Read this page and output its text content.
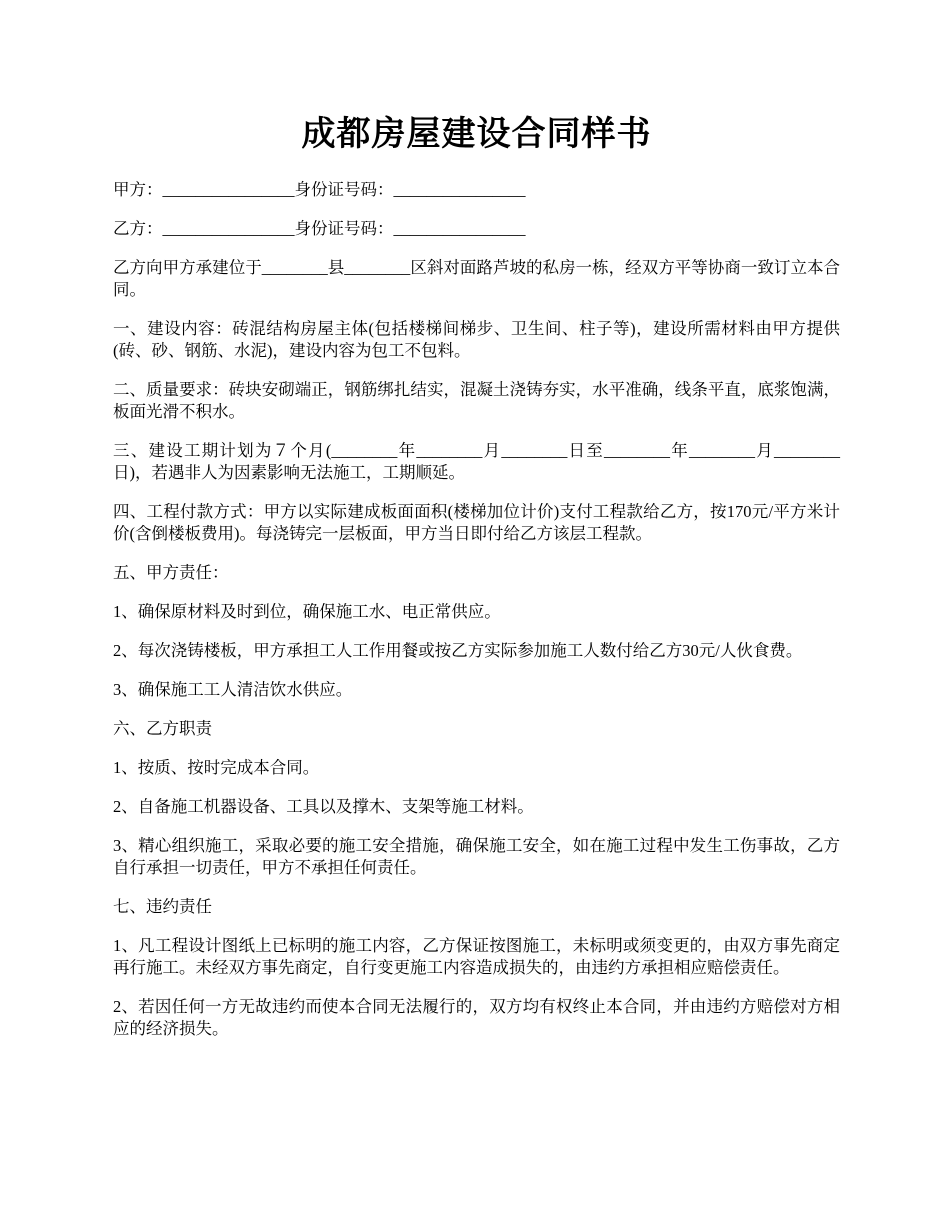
成都房屋建设合同样书

甲方：________________身份证号码：________________

乙方：________________身份证号码：________________

乙方向甲方承建位于________县________区斜对面路芦坡的私房一栋，经双方平等协商一致订立本合同。

一、建设内容：砖混结构房屋主体(包括楼梯间梯步、卫生间、柱子等)，建设所需材料由甲方提供(砖、砂、钢筋、水泥)，建设内容为包工不包料。

二、质量要求：砖块安砌端正，钢筋绑扎结实，混凝土浇铸夯实，水平准确，线条平直，底浆饱满，板面光滑不积水。

三、建设工期计划为７个月(________年________月________日至________年________月________日)，若遇非人为因素影响无法施工，工期顺延。

四、工程付款方式：甲方以实际建成板面面积(楼梯加位计价)支付工程款给乙方，按170元/平方米计价(含倒楼板费用)。每浇铸完一层板面，甲方当日即付给乙方该层工程款。

五、甲方责任：

1、确保原材料及时到位，确保施工水、电正常供应。

2、每次浇铸楼板，甲方承担工人工作用餐或按乙方实际参加施工人数付给乙方30元/人伙食费。

3、确保施工工人清洁饮水供应。

六、乙方职责

1、按质、按时完成本合同。

2、自备施工机器设备、工具以及撑木、支架等施工材料。

3、精心组织施工，采取必要的施工安全措施，确保施工安全，如在施工过程中发生工伤事故，乙方自行承担一切责任，甲方不承担任何责任。

七、违约责任

1、凡工程设计图纸上已标明的施工内容，乙方保证按图施工，未标明或须变更的，由双方事先商定再行施工。未经双方事先商定，自行变更施工内容造成损失的，由违约方承担相应赔偿责任。

2、若因任何一方无故违约而使本合同无法履行的，双方均有权终止本合同，并由违约方赔偿对方相应的经济损失。
